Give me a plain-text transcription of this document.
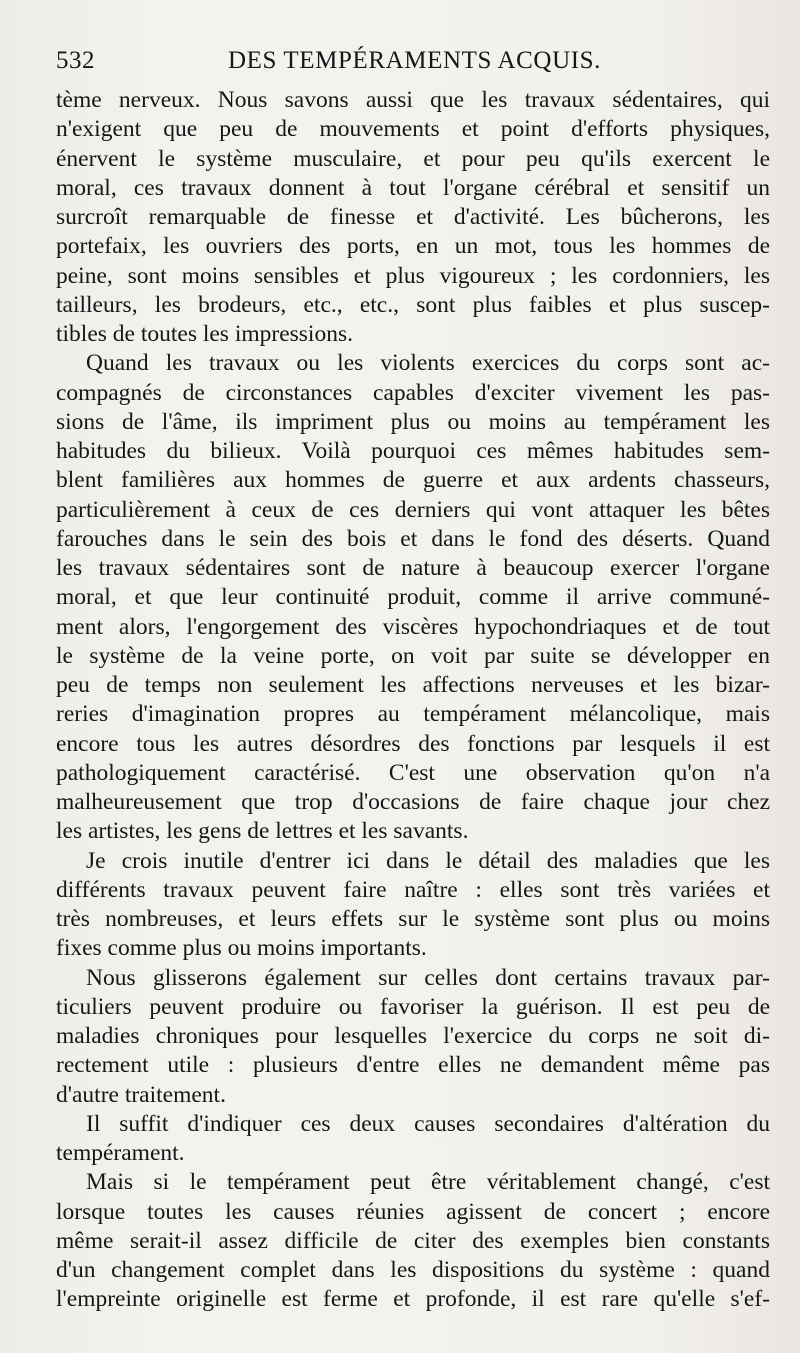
532	DES TEMPÉRAMENTS ACQUIS.
tème nerveux. Nous savons aussi que les travaux sédentaires, qui
n'exigent que peu de mouvements et point d'efforts physiques,
énervent le système musculaire, et pour peu qu'ils exercent le
moral, ces travaux donnent à tout l'organe cérébral et sensitif un
surcroît remarquable de finesse et d'activité. Les bûcherons, les
portefaix, les ouvriers des ports, en un mot, tous les hommes de
peine, sont moins sensibles et plus vigoureux ; les cordonniers, les
tailleurs, les brodeurs, etc., etc., sont plus faibles et plus suscep-
tibles de toutes les impressions.
Quand les travaux ou les violents exercices du corps sont ac-
compagnés de circonstances capables d'exciter vivement les pas-
sions de l'âme, ils impriment plus ou moins au tempérament les
habitudes du bilieux. Voilà pourquoi ces mêmes habitudes sem-
blent familières aux hommes de guerre et aux ardents chasseurs,
particulièrement à ceux de ces derniers qui vont attaquer les bêtes
farouches dans le sein des bois et dans le fond des déserts. Quand
les travaux sédentaires sont de nature à beaucoup exercer l'organe
moral, et que leur continuité produit, comme il arrive communé-
ment alors, l'engorgement des viscères hypochondriaques et de tout
le système de la veine porte, on voit par suite se développer en
peu de temps non seulement les affections nerveuses et les bizar-
reries d'imagination propres au tempérament mélancolique, mais
encore tous les autres désordres des fonctions par lesquels il est
pathologiquement caractérisé. C'est une observation qu'on n'a
malheureusement que trop d'occasions de faire chaque jour chez
les artistes, les gens de lettres et les savants.
Je crois inutile d'entrer ici dans le détail des maladies que les
différents travaux peuvent faire naître : elles sont très variées et
très nombreuses, et leurs effets sur le système sont plus ou moins
fixes comme plus ou moins importants.
Nous glisserons également sur celles dont certains travaux par-
ticuliers peuvent produire ou favoriser la guérison. Il est peu de
maladies chroniques pour lesquelles l'exercice du corps ne soit di-
rectement utile : plusieurs d'entre elles ne demandent même pas
d'autre traitement.
Il suffit d'indiquer ces deux causes secondaires d'altération du
tempérament.
Mais si le tempérament peut être véritablement changé, c'est
lorsque toutes les causes réunies agissent de concert ; encore
même serait-il assez difficile de citer des exemples bien constants
d'un changement complet dans les dispositions du système : quand
l'empreinte originelle est ferme et profonde, il est rare qu'elle s'ef-
